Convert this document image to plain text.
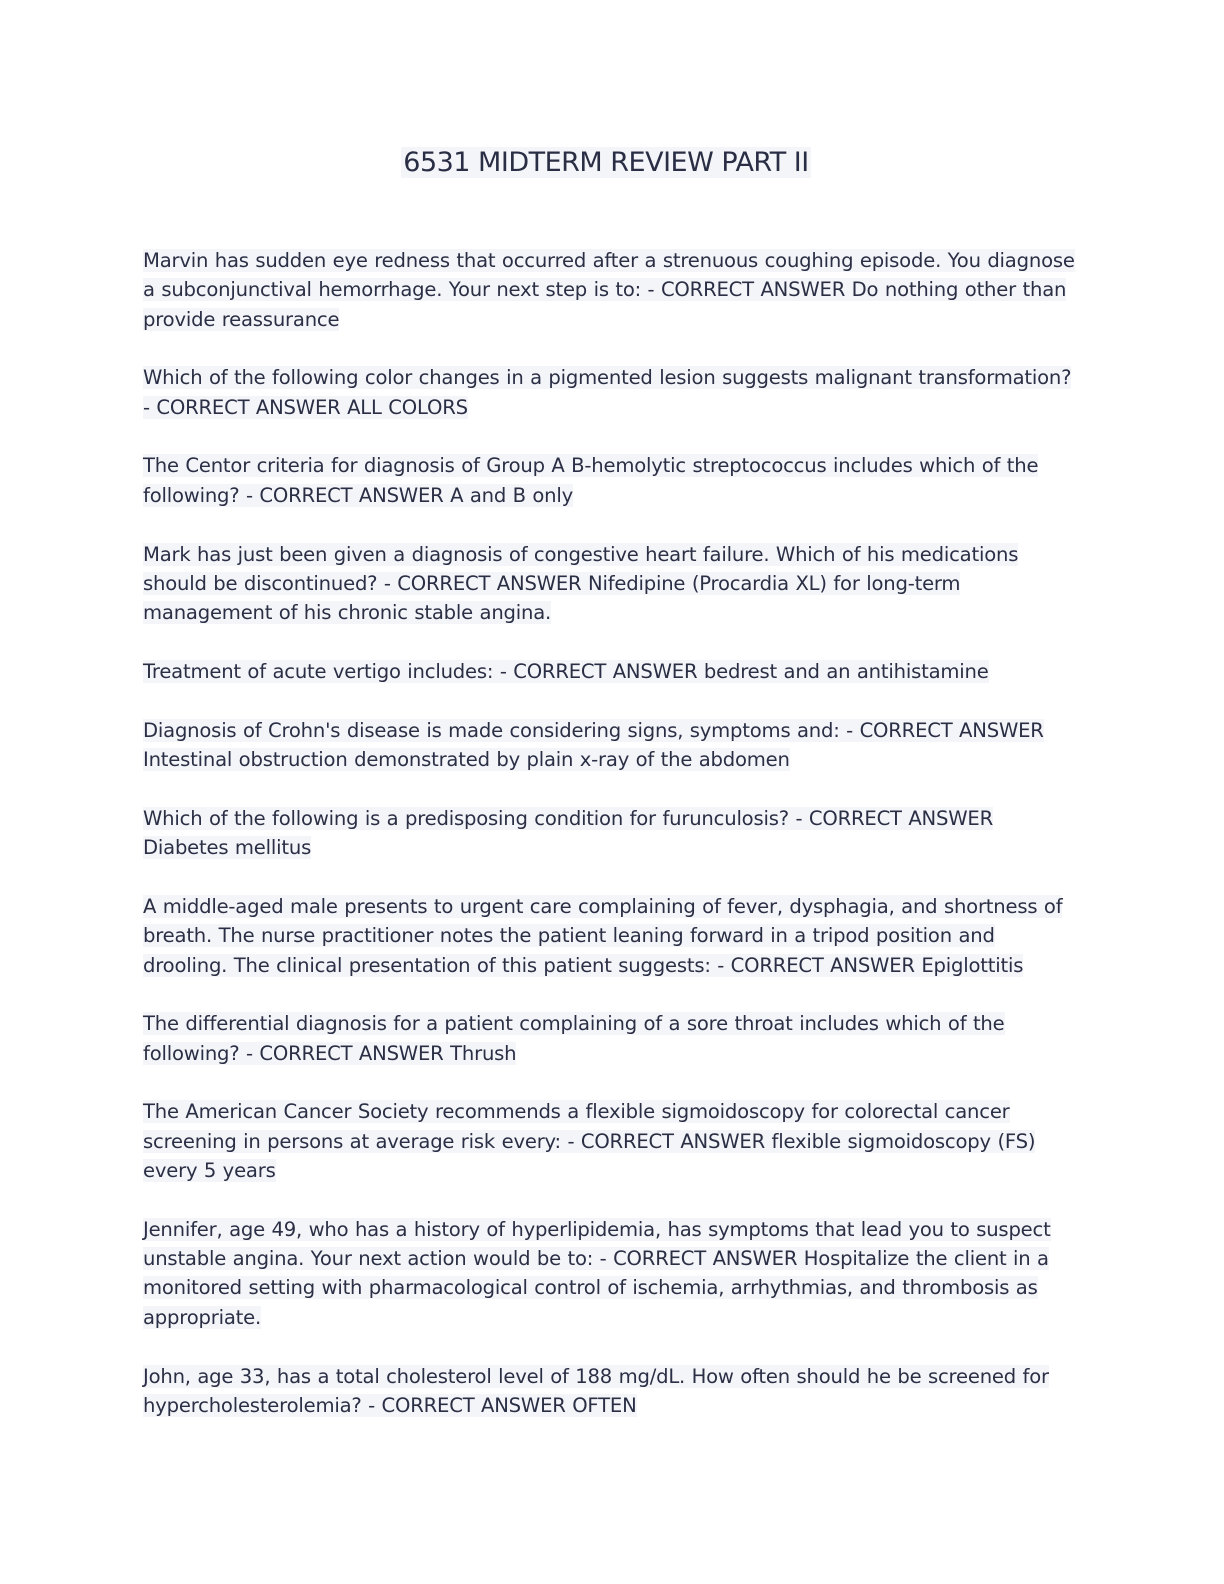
6531 MIDTERM REVIEW PART II

Marvin has sudden eye redness that occurred after a strenuous coughing episode. You diagnose a subconjunctival hemorrhage. Your next step is to: - CORRECT ANSWER Do nothing other than provide reassurance

Which of the following color changes in a pigmented lesion suggests malignant transformation? - CORRECT ANSWER ALL COLORS

The Centor criteria for diagnosis of Group A B-hemolytic streptococcus includes which of the following? - CORRECT ANSWER A and B only

Mark has just been given a diagnosis of congestive heart failure. Which of his medications should be discontinued? - CORRECT ANSWER Nifedipine (Procardia XL) for long-term management of his chronic stable angina.

Treatment of acute vertigo includes: - CORRECT ANSWER bedrest and an antihistamine

Diagnosis of Crohn's disease is made considering signs, symptoms and: - CORRECT ANSWER Intestinal obstruction demonstrated by plain x-ray of the abdomen

Which of the following is a predisposing condition for furunculosis? - CORRECT ANSWER Diabetes mellitus

A middle-aged male presents to urgent care complaining of fever, dysphagia, and shortness of breath. The nurse practitioner notes the patient leaning forward in a tripod position and drooling. The clinical presentation of this patient suggests: - CORRECT ANSWER Epiglottitis

The differential diagnosis for a patient complaining of a sore throat includes which of the following? - CORRECT ANSWER Thrush

The American Cancer Society recommends a flexible sigmoidoscopy for colorectal cancer screening in persons at average risk every: - CORRECT ANSWER flexible sigmoidoscopy (FS) every 5 years

Jennifer, age 49, who has a history of hyperlipidemia, has symptoms that lead you to suspect unstable angina. Your next action would be to: - CORRECT ANSWER Hospitalize the client in a monitored setting with pharmacological control of ischemia, arrhythmias, and thrombosis as appropriate.

John, age 33, has a total cholesterol level of 188 mg/dL. How often should he be screened for hypercholesterolemia? - CORRECT ANSWER OFTEN
